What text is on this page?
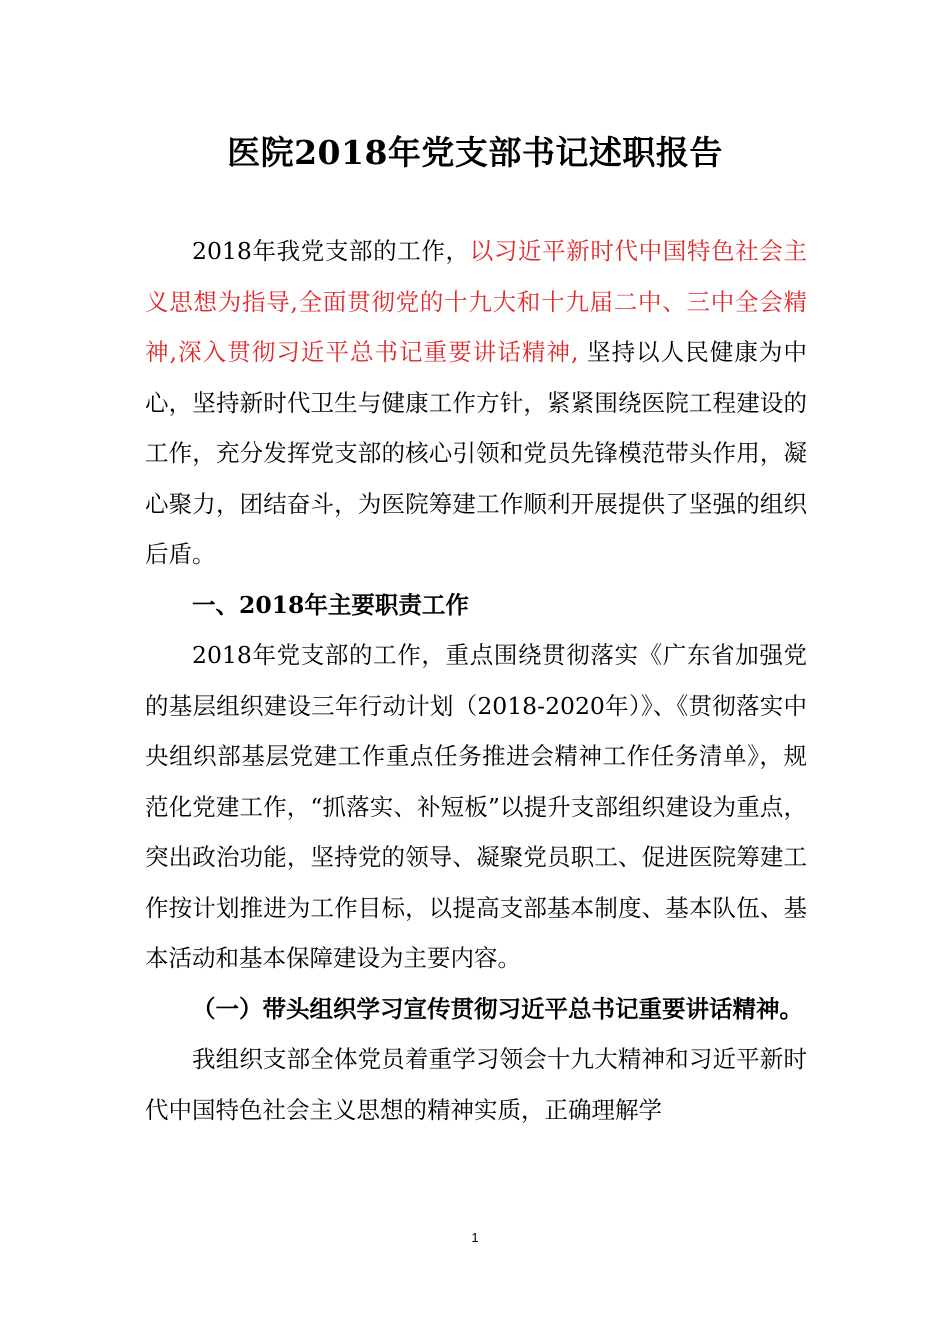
医院2018年党支部书记述职报告

2018年我党支部的工作，以习近平新时代中国特色社会主义思想为指导,全面贯彻党的十九大和十九届二中、三中全会精神,深入贯彻习近平总书记重要讲话精神, 坚持以人民健康为中心，坚持新时代卫生与健康工作方针，紧紧围绕医院工程建设的工作，充分发挥党支部的核心引领和党员先锋模范带头作用，凝心聚力，团结奋斗，为医院筹建工作顺利开展提供了坚强的组织后盾。

一、2018年主要职责工作

2018年党支部的工作，重点围绕贯彻落实《广东省加强党的基层组织建设三年行动计划（2018-2020年）》、《贯彻落实中央组织部基层党建工作重点任务推进会精神工作任务清单》，规范化党建工作，“抓落实、补短板”以提升支部组织建设为重点，突出政治功能，坚持党的领导、凝聚党员职工、促进医院筹建工作按计划推进为工作目标，以提高支部基本制度、基本队伍、基本活动和基本保障建设为主要内容。

（一）带头组织学习宣传贯彻习近平总书记重要讲话精神。

我组织支部全体党员着重学习领会十九大精神和习近平新时代中国特色社会主义思想的精神实质，正确理解学

1
